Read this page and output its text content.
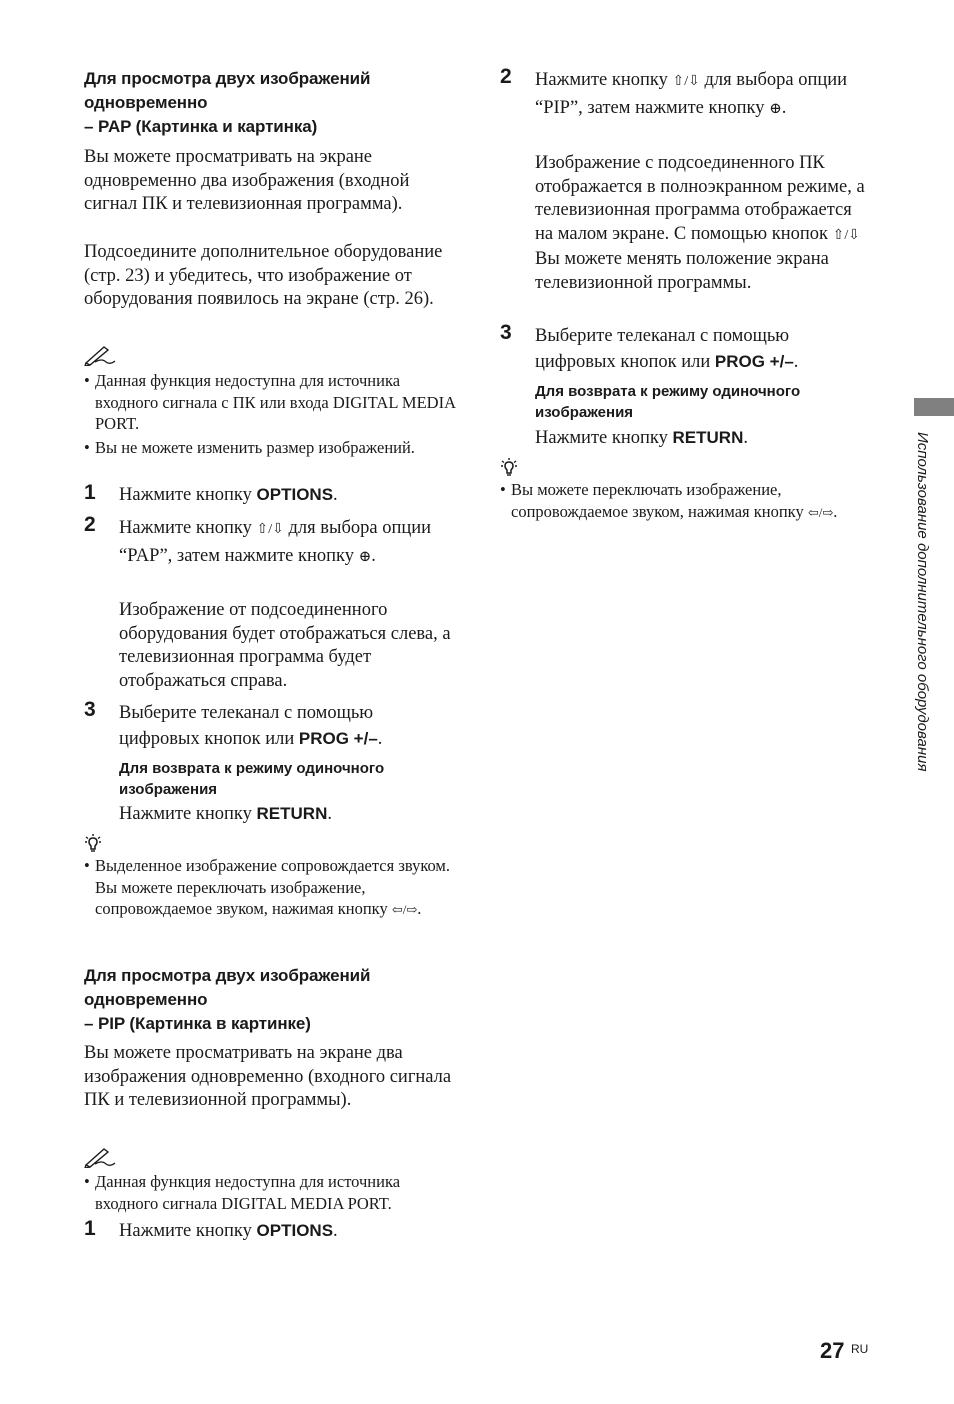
Для просмотра двух изображений
одновременно
– PAP (Картинка и картинка)
Вы можете просматривать на экране одновременно два изображения (входной сигнал ПК и телевизионная программа).
Подсоедините дополнительное оборудование (стр. 23) и убедитесь, что изображение от оборудования появилось на экране (стр. 26).
• Данная функция недоступна для источника входного сигнала с ПК или входа DIGITAL MEDIA PORT.
• Вы не можете изменить размер изображений.
1 Нажмите кнопку OPTIONS.
2 Нажмите кнопку ⇧/⇩ для выбора опции “PAP”, затем нажмите кнопку ⊕.
Изображение от подсоединенного оборудования будет отображаться слева, а телевизионная программа будет отображаться справа.
3 Выберите телеканал с помощью цифровых кнопок или PROG +/–.
Для возврата к режиму одиночного изображения
Нажмите кнопку RETURN.
• Выделенное изображение сопровождается звуком. Вы можете переключать изображение, сопровождаемое звуком, нажимая кнопку ⇦/⇨.
Для просмотра двух изображений
одновременно
– PIP (Картинка в картинке)
Вы можете просматривать на экране два изображения одновременно (входного сигнала ПК и телевизионной программы).
• Данная функция недоступна для источника входного сигнала DIGITAL MEDIA PORT.
1 Нажмите кнопку OPTIONS.
2 Нажмите кнопку ⇧/⇩ для выбора опции “PIP”, затем нажмите кнопку ⊕.
Изображение с подсоединенного ПК отображается в полноэкранном режиме, а телевизионная программа отображается на малом экране. С помощью кнопок ⇧/⇩ Вы можете менять положение экрана телевизионной программы.
3 Выберите телеканал с помощью цифровых кнопок или PROG +/–.
Для возврата к режиму одиночного изображения
Нажмите кнопку RETURN.
• Вы можете переключать изображение, сопровождаемое звуком, нажимая кнопку ⇦/⇨.	Использование дополнительного оборудования
27 RU
